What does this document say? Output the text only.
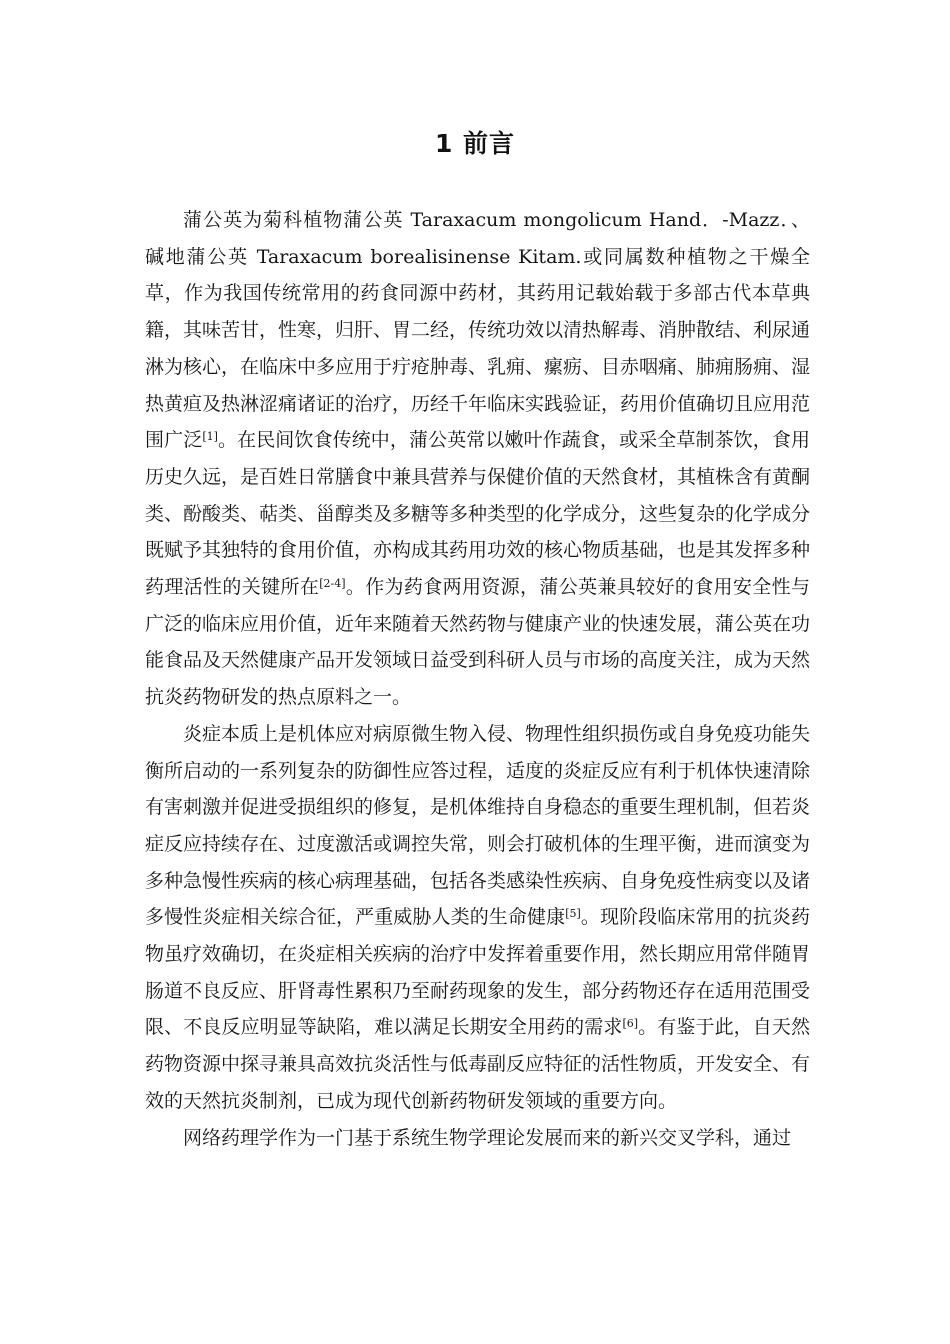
1 前言

蒲公英为菊科植物蒲公英 Taraxacum mongolicum Hand．-Mazz．、碱地蒲公英 Taraxacum borealisinense Kitam.或同属数种植物之干燥全草，作为我国传统常用的药食同源中药材，其药用记载始载于多部古代本草典籍，其味苦甘，性寒，归肝、胃二经，传统功效以清热解毒、消肿散结、利尿通淋为核心，在临床中多应用于疔疮肿毒、乳痈、瘰疬、目赤咽痛、肺痈肠痈、湿热黄疸及热淋涩痛诸证的治疗，历经千年临床实践验证，药用价值确切且应用范围广泛[1]。在民间饮食传统中，蒲公英常以嫩叶作蔬食，或采全草制茶饮，食用历史久远，是百姓日常膳食中兼具营养与保健价值的天然食材，其植株含有黄酮类、酚酸类、萜类、甾醇类及多糖等多种类型的化学成分，这些复杂的化学成分既赋予其独特的食用价值，亦构成其药用功效的核心物质基础，也是其发挥多种药理活性的关键所在[2-4]。作为药食两用资源，蒲公英兼具较好的食用安全性与广泛的临床应用价值，近年来随着天然药物与健康产业的快速发展，蒲公英在功能食品及天然健康产品开发领域日益受到科研人员与市场的高度关注，成为天然抗炎药物研发的热点原料之一。

炎症本质上是机体应对病原微生物入侵、物理性组织损伤或自身免疫功能失衡所启动的一系列复杂的防御性应答过程，适度的炎症反应有利于机体快速清除有害刺激并促进受损组织的修复，是机体维持自身稳态的重要生理机制，但若炎症反应持续存在、过度激活或调控失常，则会打破机体的生理平衡，进而演变为多种急慢性疾病的核心病理基础，包括各类感染性疾病、自身免疫性病变以及诸多慢性炎症相关综合征，严重威胁人类的生命健康[5]。现阶段临床常用的抗炎药物虽疗效确切，在炎症相关疾病的治疗中发挥着重要作用，然长期应用常伴随胃肠道不良反应、肝肾毒性累积乃至耐药现象的发生，部分药物还存在适用范围受限、不良反应明显等缺陷，难以满足长期安全用药的需求[6]。有鉴于此，自天然药物资源中探寻兼具高效抗炎活性与低毒副反应特征的活性物质，开发安全、有效的天然抗炎制剂，已成为现代创新药物研发领域的重要方向。

网络药理学作为一门基于系统生物学理论发展而来的新兴交叉学科，通过
